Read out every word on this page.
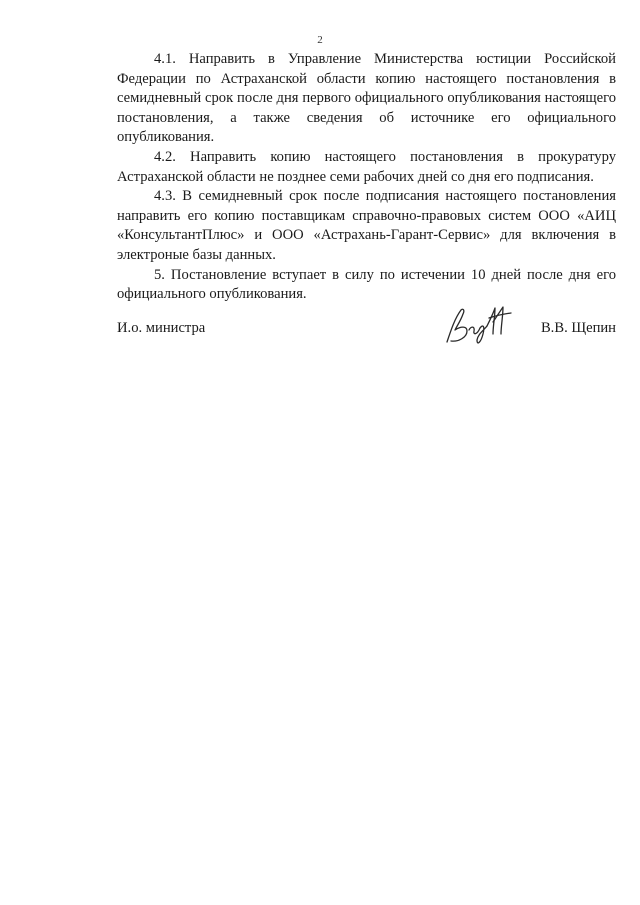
2

4.1. Направить в Управление Министерства юстиции Российской Федерации по Астраханской области копию настоящего постановления в семидневный срок после дня первого официального опубликования настоящего постановления, а также сведения об источнике его официального опубликования.

4.2. Направить копию настоящего постановления в прокуратуру Астраханской области не позднее семи рабочих дней со дня его подписания.

4.3. В семидневный срок после подписания настоящего постановления направить его копию поставщикам справочно-правовых систем ООО «АИЦ «КонсультантПлюс» и ООО «Астрахань-Гарант-Сервис» для включения в электроные базы данных.

5. Постановление вступает в силу по истечении 10 дней после дня его официального опубликования.

И.о. министра	В.В. Щепин
